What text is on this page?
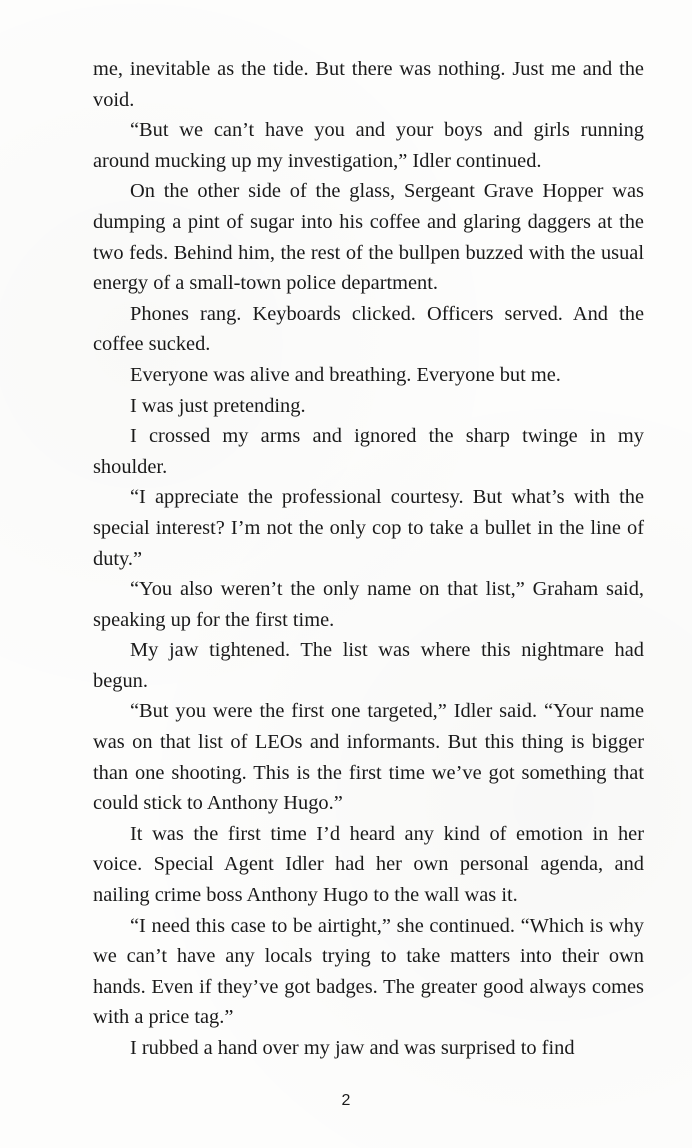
me, inevitable as the tide. But there was nothing. Just me and the void.

“But we can’t have you and your boys and girls running around mucking up my investigation,” Idler continued.

On the other side of the glass, Sergeant Grave Hopper was dumping a pint of sugar into his coffee and glaring daggers at the two feds. Behind him, the rest of the bullpen buzzed with the usual energy of a small-town police department.

Phones rang. Keyboards clicked. Officers served. And the coffee sucked.

Everyone was alive and breathing. Everyone but me.

I was just pretending.

I crossed my arms and ignored the sharp twinge in my shoulder.

“I appreciate the professional courtesy. But what’s with the special interest? I’m not the only cop to take a bullet in the line of duty.”

“You also weren’t the only name on that list,” Graham said, speaking up for the first time.

My jaw tightened. The list was where this nightmare had begun.

“But you were the first one targeted,” Idler said. “Your name was on that list of LEOs and informants. But this thing is bigger than one shooting. This is the first time we’ve got something that could stick to Anthony Hugo.”

It was the first time I’d heard any kind of emotion in her voice. Special Agent Idler had her own personal agenda, and nailing crime boss Anthony Hugo to the wall was it.

“I need this case to be airtight,” she continued. “Which is why we can’t have any locals trying to take matters into their own hands. Even if they’ve got badges. The greater good always comes with a price tag.”

I rubbed a hand over my jaw and was surprised to find

2
